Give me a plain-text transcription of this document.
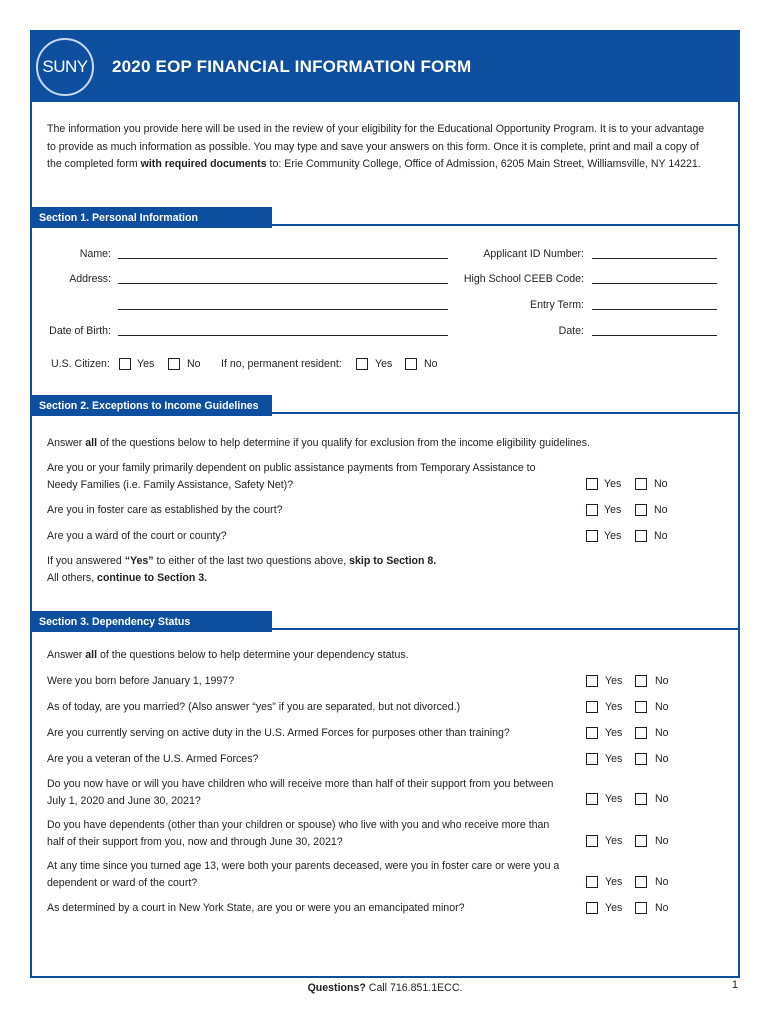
SUNY 2020 EOP FINANCIAL INFORMATION FORM

The information you provide here will be used in the review of your eligibility for the Educational Opportunity Program. It is to your advantage to provide as much information as possible. You may type and save your answers on this form. Once it is complete, print and mail a copy of the completed form with required documents to: Erie Community College, Office of Admission, 6205 Main Street, Williamsville, NY 14221.

Section 1. Personal Information
Name:	Applicant ID Number:
Address:	High School CEEB Code:
Entry Term:
Date of Birth:	Date:
U.S. Citizen:	Yes	No If no, permanent resident:	Yes	No
Section 2. Exceptions to Income Guidelines
Answer all of the questions below to help determine if you qualify for exclusion from the income eligibility guidelines.
Are you or your family primarily dependent on public assistance payments from Temporary Assistance to Needy Families (i.e. Family Assistance, Safety Net)?	Yes	No
Are you in foster care as established by the court?	Yes	No
Are you a ward of the court or county?	Yes	No
If you answered “Yes” to either of the last two questions above, skip to Section 8.
All others, continue to Section 3.
Section 3. Dependency Status
Answer all of the questions below to help determine your dependency status.
Were you born before January 1, 1997?	Yes	No
As of today, are you married? (Also answer “yes” if you are separated, but not divorced.)	Yes	No
Are you currently serving on active duty in the U.S. Armed Forces for purposes other than training?	Yes	No
Are you a veteran of the U.S. Armed Forces?	Yes	No
Do you now have or will you have children who will receive more than half of their support from you between July 1, 2020 and June 30, 2021?	Yes	No
Do you have dependents (other than your children or spouse) who live with you and who receive more than half of their support from you, now and through June 30, 2021?	Yes	No
At any time since you turned age 13, were both your parents deceased, were you in foster care or were you a dependent or ward of the court?	Yes	No
As determined by a court in New York State, are you or were you an emancipated minor?	Yes	No
Questions? Call 716.851.1ECC.	1
